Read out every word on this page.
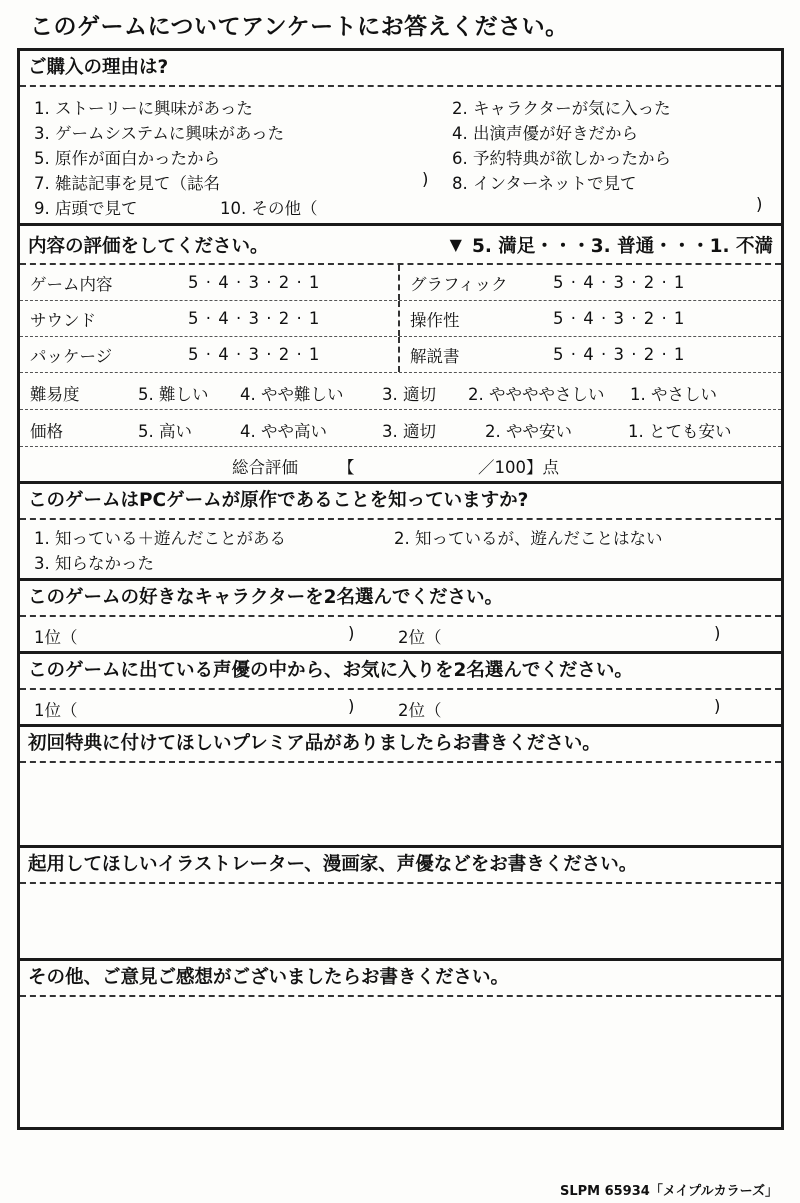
このゲームについてアンケートにお答えください。
ご購入の理由は?
1. ストーリーに興味があった	2. キャラクターが気に入った
3. ゲームシステムに興味があった	4. 出演声優が好きだから
5. 原作が面白かったから	6. 予約特典が欲しかったから
7. 雑誌記事を見て（誌名	) 8. インターネットで見て
9. 店頭で見て	10. その他（	)
内容の評価をしてください。	▼ 5. 満足・・・3. 普通・・・1. 不満
ゲーム内容	5 · 4 · 3 · 2 · 1	グラフィック	5 · 4 · 3 · 2 · 1
サウンド	5 · 4 · 3 · 2 · 1	操作性	5 · 4 · 3 · 2 · 1
パッケージ	5 · 4 · 3 · 2 · 1	解説書	5 · 4 · 3 · 2 · 1
難易度	5. 難しい 4. やや難しい 3. 適切 2. ややややさしい 1. やさしい
価格	5. 高い	4. やや高い	3. 適切	2. やや安い	1. とても安い
総合評価 【	／100】点
このゲームはPCゲームが原作であることを知っていますか?
1. 知っている＋遊んだことがある	2. 知っているが、遊んだことはない
3. 知らなかった
このゲームの好きなキャラクターを2名選んでください。
1位（	)	2位（	)
このゲームに出ている声優の中から、お気に入りを2名選んでください。
1位（	)	2位（	)
初回特典に付けてほしいプレミア品がありましたらお書きください。
起用してほしいイラストレーター、漫画家、声優などをお書きください。
その他、ご意見ご感想がございましたらお書きください。
SLPM 65934「メイプルカラーズ」
